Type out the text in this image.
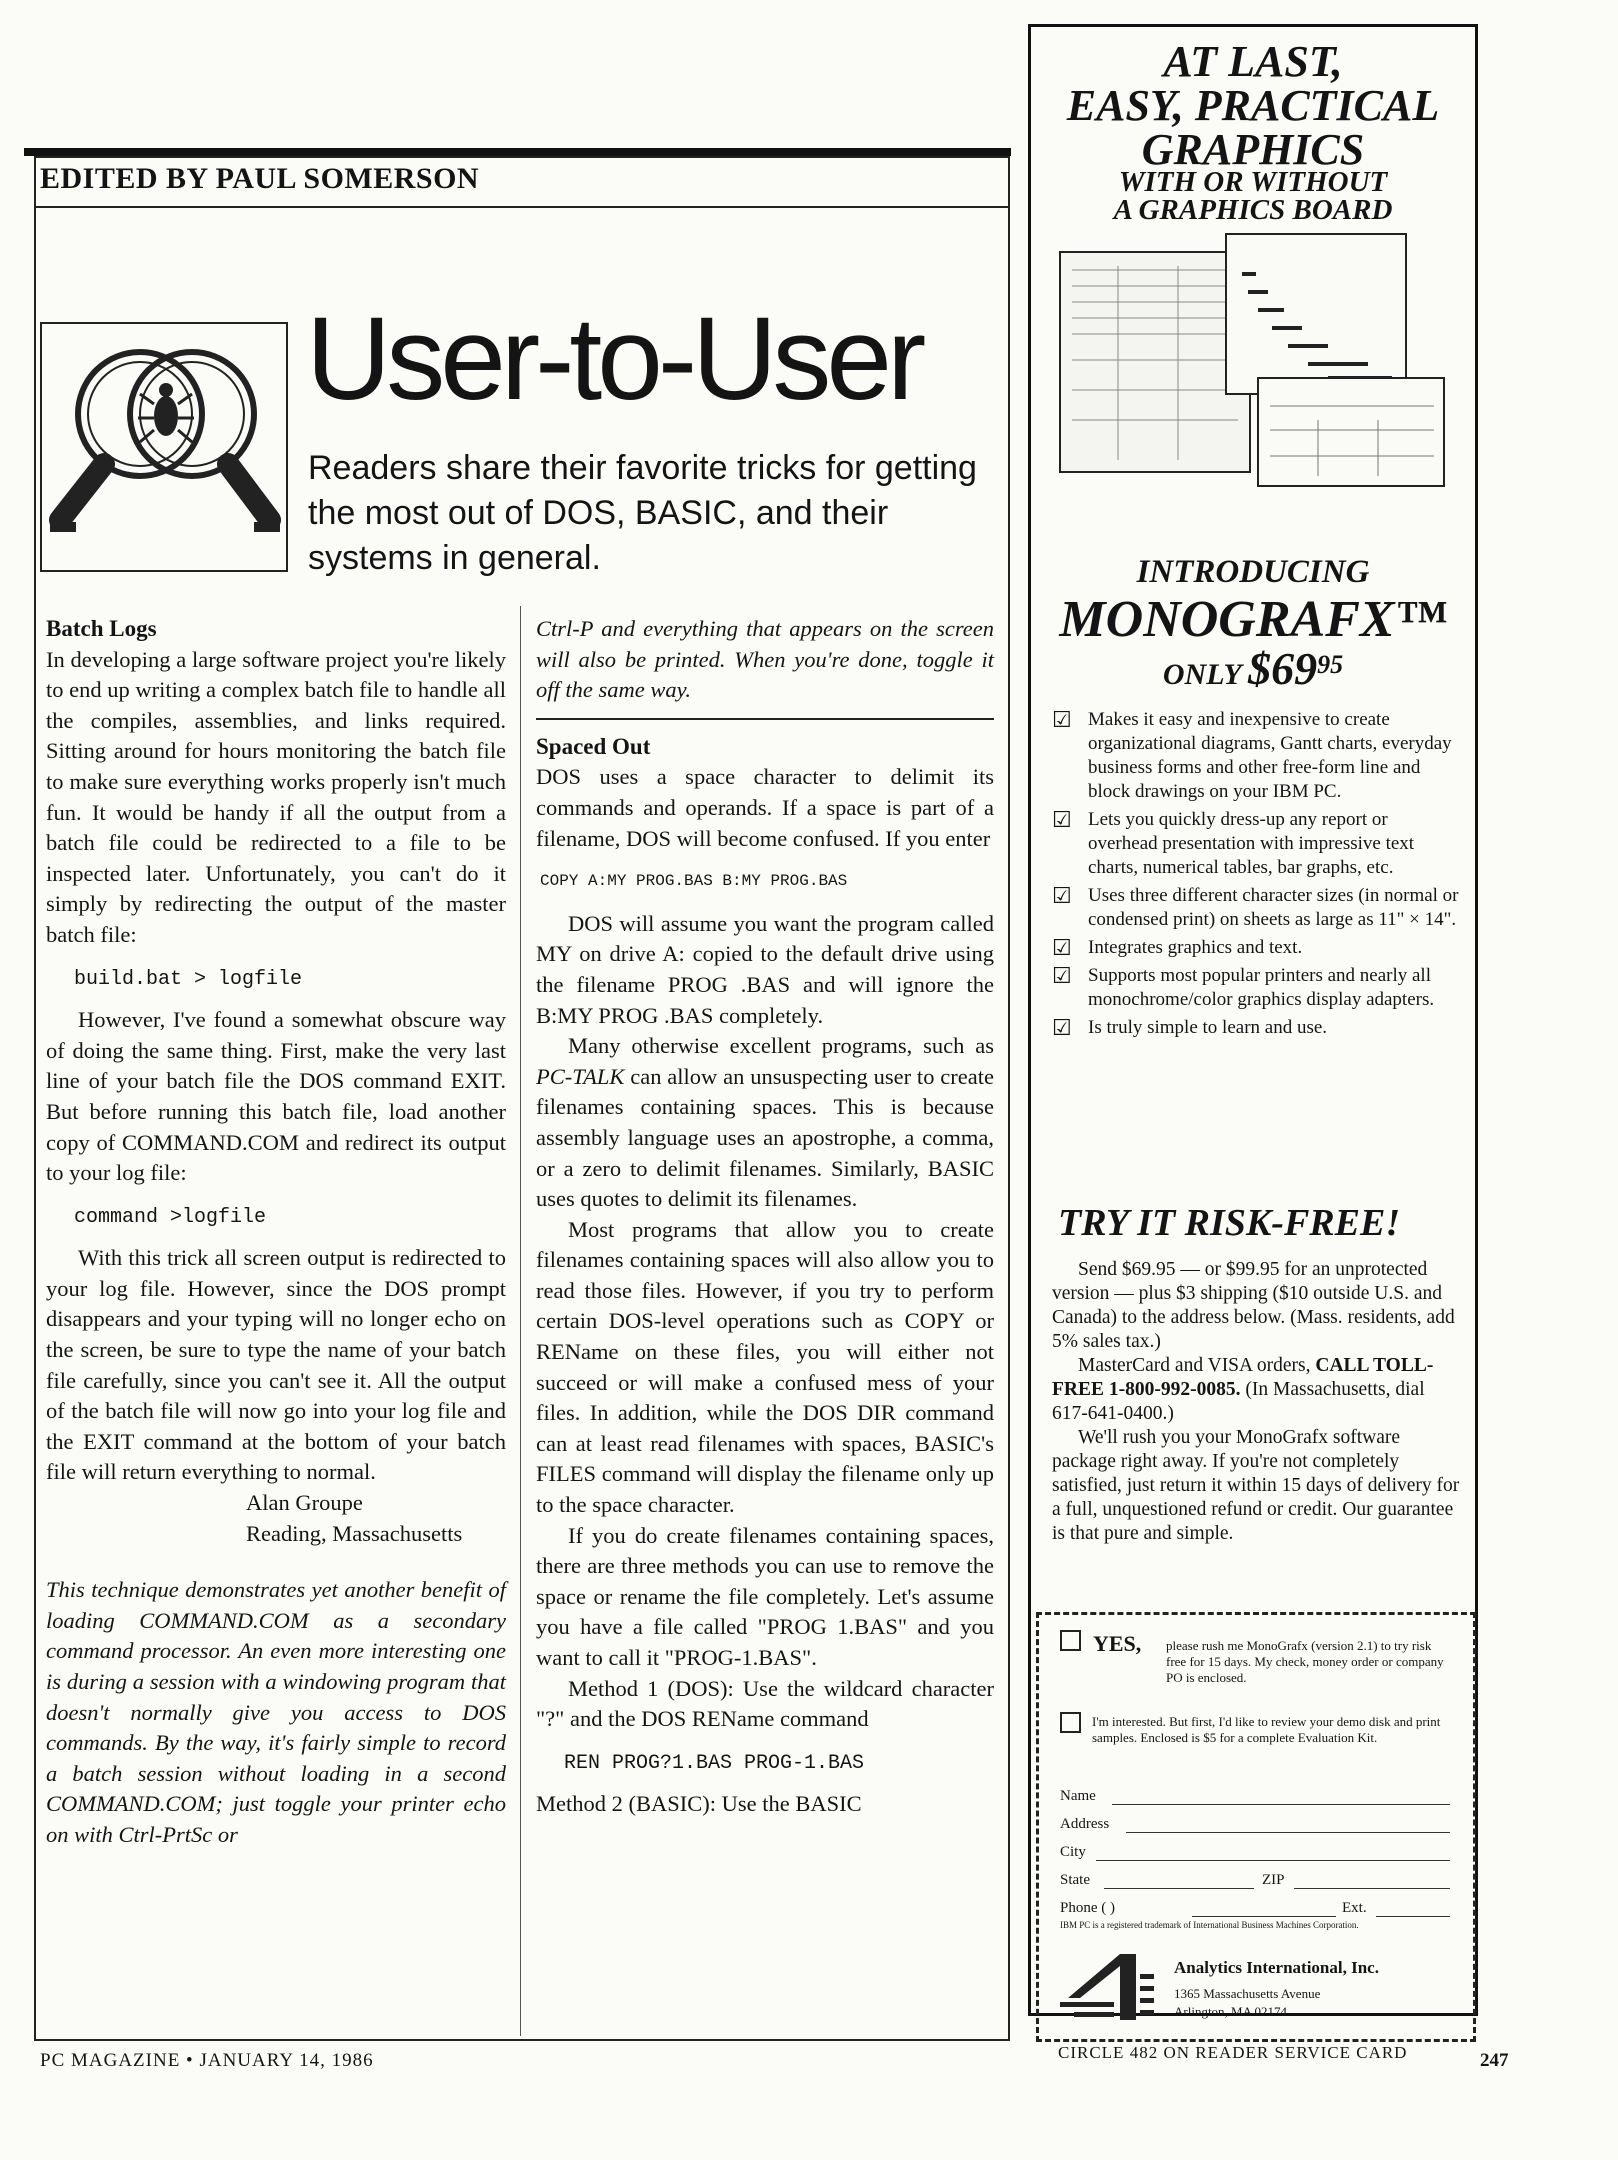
EDITED BY PAUL SOMERSON
User-to-User
Readers share their favorite tricks for getting the most out of DOS, BASIC, and their systems in general.
Batch Logs

In developing a large software project you're likely to end up writing a complex batch file to handle all the compiles, assemblies, and links required. Sitting around for hours monitoring the batch file to make sure everything works properly isn't much fun. It would be handy if all the output from a batch file could be redirected to a file to be inspected later. Unfortunately, you can't do it simply by redirecting the output of the master batch file:

build.bat > logfile

However, I've found a somewhat obscure way of doing the same thing. First, make the very last line of your batch file the DOS command EXIT. But before running this batch file, load another copy of COMMAND.COM and redirect its output to your log file:

command >logfile

With this trick all screen output is redirected to your log file. However, since the DOS prompt disappears and your typing will no longer echo on the screen, be sure to type the name of your batch file carefully, since you can't see it. All the output of the batch file will now go into your log file and the EXIT command at the bottom of your batch file will return everything to normal.

Alan Groupe

Reading, Massachusetts

This technique demonstrates yet another benefit of loading COMMAND.COM as a secondary command processor. An even more interesting one is during a session with a windowing program that doesn't normally give you access to DOS commands. By the way, it's fairly simple to record a batch session without loading in a second COMMAND.COM; just toggle your printer echo on with Ctrl-PrtSc or

Ctrl-P and everything that appears on the screen will also be printed. When you're done, toggle it off the same way.

Spaced Out

DOS uses a space character to delimit its commands and operands. If a space is part of a filename, DOS will become confused. If you enter

COPY A:MY PROG.BAS B:MY PROG.BAS

DOS will assume you want the program called MY on drive A: copied to the default drive using the filename PROG .BAS and will ignore the B:MY PROG .BAS completely.

Many otherwise excellent programs, such as PC-TALK can allow an unsuspecting user to create filenames containing spaces. This is because assembly language uses an apostrophe, a comma, or a zero to delimit filenames. Similarly, BASIC uses quotes to delimit its filenames.

Most programs that allow you to create filenames containing spaces will also allow you to read those files. However, if you try to perform certain DOS-level operations such as COPY or REName on these files, you will either not succeed or will make a confused mess of your files. In addition, while the DOS DIR command can at least read filenames with spaces, BASIC's FILES command will display the filename only up to the space character.

If you do create filenames containing spaces, there are three methods you can use to remove the space or rename the file completely. Let's assume you have a file called "PROG 1.BAS" and you want to call it "PROG-1.BAS".

Method 1 (DOS): Use the wildcard character "?" and the DOS REName command

REN PROG?1.BAS PROG-1.BAS

Method 2 (BASIC): Use the BASIC

PC MAGAZINE • JANUARY 14, 1986
AT LAST,
EASY, PRACTICAL
GRAPHICS
WITH OR WITHOUT
A GRAPHICS BOARD
INTRODUCING
MONOGRAFX™
ONLY $\$69^{95}$
☑ Makes it easy and inexpensive to create organizational diagrams, Gantt charts, everyday business forms and other free-form line and block drawings on your IBM PC.
☑ Lets you quickly dress-up any report or overhead presentation with impressive text charts, numerical tables, bar graphs, etc.
☑ Uses three different character sizes (in normal or condensed print) on sheets as large as 11" × 14".
☑ Integrates graphics and text.
☑ Supports most popular printers and nearly all monochrome/color graphics display adapters.
☑ Is truly simple to learn and use.
TRY IT RISK-FREE!

Send $69.95 — or $99.95 for an unprotected version — plus $3 shipping ($10 outside U.S. and Canada) to the address below. (Mass. residents, add 5% sales tax.)

MasterCard and VISA orders, CALL TOLL-FREE 1-800-992-0085. (In Massachusetts, dial 617-641-0400.)

We'll rush you your MonoGrafx software package right away. If you're not completely satisfied, just return it within 15 days of delivery for a full, unquestioned refund or credit. Our guarantee is that pure and simple.

YES,	please rush me MonoGrafx (version 2.1) to try risk free for 15 days. My check, money order or company PO is enclosed.
I'm interested. But first, I'd like to review your demo disk and print samples. Enclosed is $5 for a complete Evaluation Kit.
Name
Address
City
State	ZIP
Phone ( )	Ext.
IBM PC is a registered trademark of International Business Machines Corporation.
Analytics International, Inc.
1365 Massachusetts Avenue
Arlington, MA 02174
CIRCLE 482 ON READER SERVICE CARD	247
